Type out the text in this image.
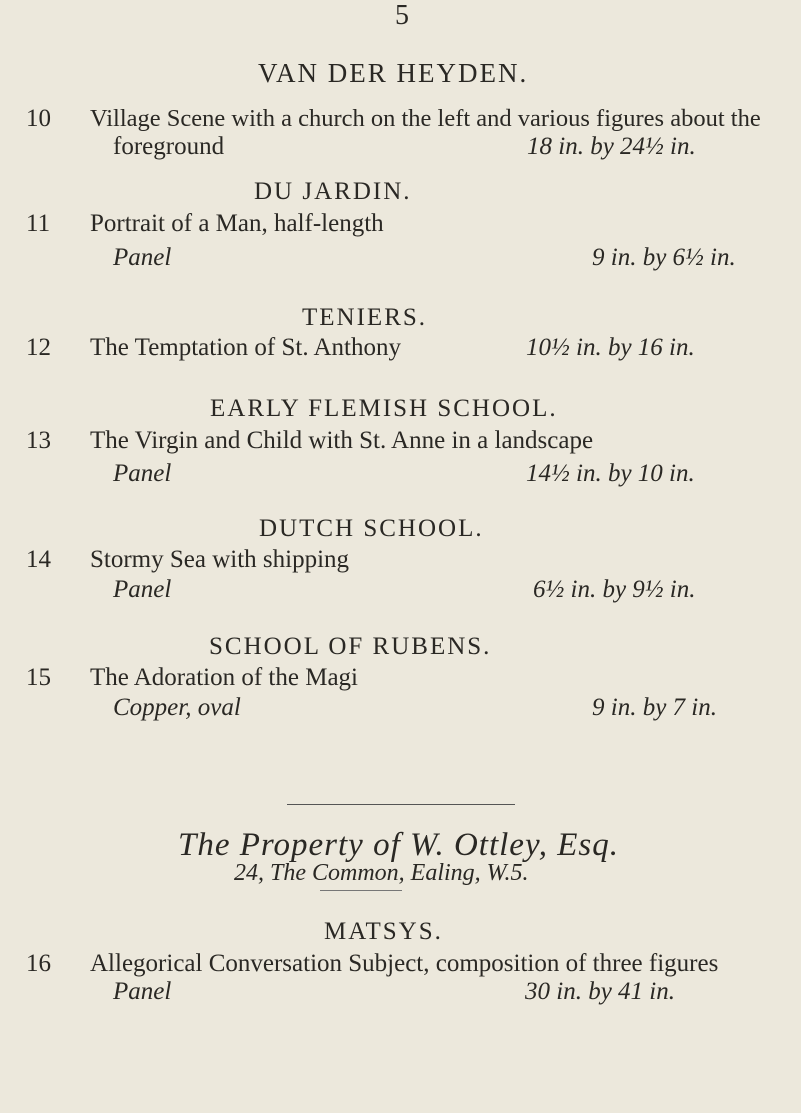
5
VAN DER HEYDEN.
10 Village Scene with a church on the left and various figures about the
foreground	18 in. by 24½ in.
DU JARDIN.
11 Portrait of a Man, half-length
Panel	9 in. by 6½ in.
TENIERS.
12 The Temptation of St. Anthony	10½ in. by 16 in.
EARLY FLEMISH SCHOOL.
13 The Virgin and Child with St. Anne in a landscape
Panel	14½ in. by 10 in.
DUTCH SCHOOL.
14 Stormy Sea with shipping
Panel	6½ in. by 9½ in.
SCHOOL OF RUBENS.
15 The Adoration of the Magi
Copper, oval	9 in. by 7 in.
The Property of W. Ottley, Esq.
24, The Common, Ealing, W.5.
MATSYS.
16 Allegorical Conversation Subject, composition of three figures
Panel	30 in. by 41 in.
